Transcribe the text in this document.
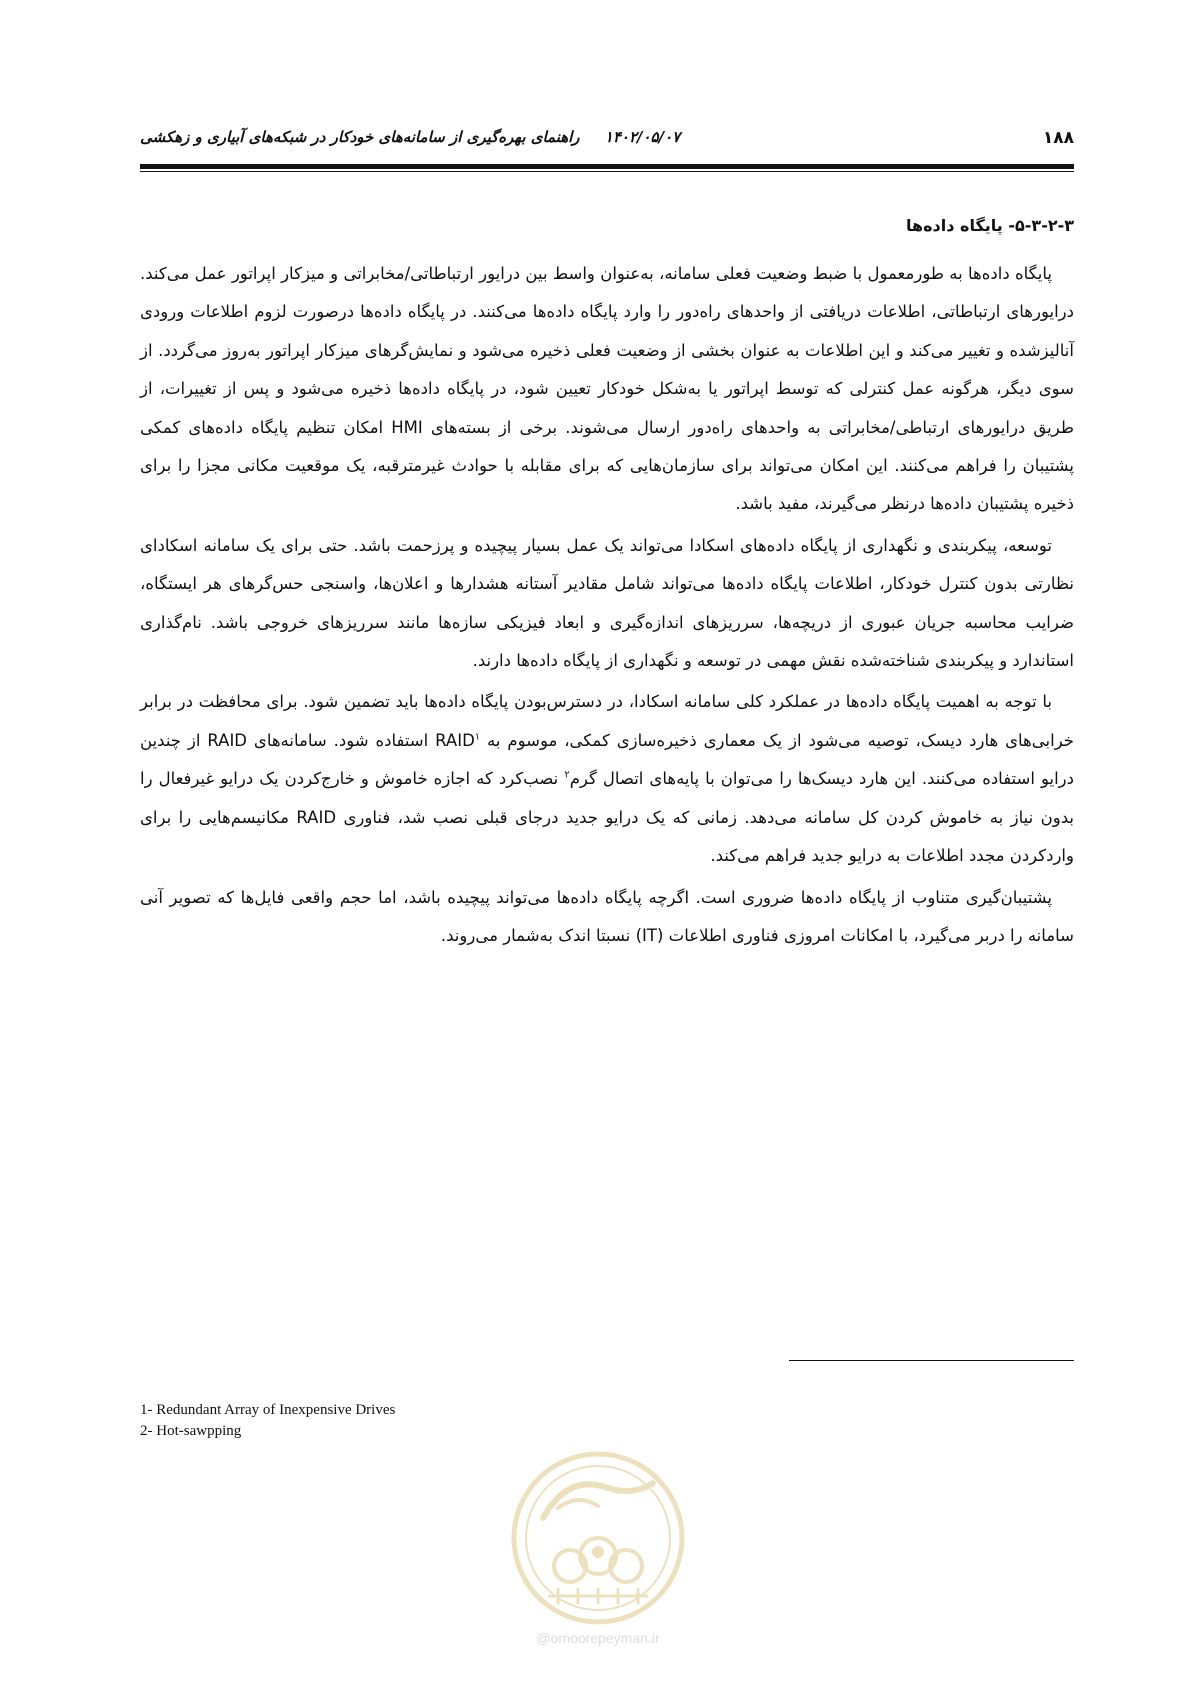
۱۸۸
۱۴۰۲/۰۵/۰۷ راهنمای بهره‌گیری از سامانه‌های خودکار در شبکه‌های آبیاری و زهکشی
۵-۳-۲-۳- پایگاه داده‌ها

پایگاه داده‌ها به طورمعمول با ضبط وضعیت فعلی سامانه، به‌عنوان واسط بین درایور ارتباطاتی/مخابراتی و میزکار اپراتور عمل می‌کند. درایورهای ارتباطاتی، اطلاعات دریافتی از واحدهای راه‌دور را وارد پایگاه داده‌ها می‌کنند. در پایگاه داده‌ها درصورت لزوم اطلاعات ورودی آنالیزشده و تغییر می‌کند و این اطلاعات به عنوان بخشی از وضعیت فعلی ذخیره می‌شود و نمایش‌گرهای میزکار اپراتور به‌روز می‌گردد. از سوی دیگر، هرگونه عمل کنترلی که توسط اپراتور یا به‌شکل خودکار تعیین شود، در پایگاه داده‌ها ذخیره می‌شود و پس از تغییرات، از طریق درایورهای ارتباطی/مخابراتی به واحدهای راه‌دور ارسال می‌شوند. برخی از بسته‌های HMI امکان تنظیم پایگاه داده‌های کمکی پشتیبان را فراهم می‌کنند. این امکان می‌تواند برای سازمان‌هایی که برای مقابله با حوادث غیرمترقبه، یک موقعیت مکانی مجزا را برای ذخیره پشتیبان داده‌ها درنظر می‌گیرند، مفید باشد.

توسعه، پیکربندی و نگهداری از پایگاه داده‌های اسکادا می‌تواند یک عمل بسیار پیچیده و پرزحمت باشد. حتی برای یک سامانه اسکادای نظارتی بدون کنترل خودکار، اطلاعات پایگاه داده‌ها می‌تواند شامل مقادیر آستانه هشدارها و اعلان‌ها، واسنجی حس‌گرهای هر ایستگاه، ضرایب محاسبه جریان عبوری از دریچه‌ها، سرریزهای اندازه‌گیری و ابعاد فیزیکی سازه‌ها مانند سرریزهای خروجی باشد. نام‌گذاری استاندارد و پیکربندی شناخته‌شده نقش مهمی در توسعه و نگهداری از پایگاه داده‌ها دارند.

با توجه به اهمیت پایگاه داده‌ها در عملکرد کلی سامانه اسکادا، در دسترس‌بودن پایگاه داده‌ها باید تضمین شود. برای محافظت در برابر خرابی‌های هارد دیسک، توصیه می‌شود از یک معماری ذخیره‌سازی کمکی، موسوم به RAID$^۱$ استفاده شود. سامانه‌های RAID از چندین درایو استفاده می‌کنند. این هارد دیسک‌ها را می‌توان با پایه‌های اتصال گرم$^۲$ نصب‌کرد که اجازه خاموش و خارج‌کردن یک درایو غیرفعال را بدون نیاز به خاموش کردن کل سامانه می‌دهد. زمانی که یک درایو جدید درجای قبلی نصب شد، فناوری RAID مکانیسم‌هایی را برای واردکردن مجدد اطلاعات به درایو جدید فراهم می‌کند.

پشتیبان‌گیری متناوب از پایگاه داده‌ها ضروری است. اگرچه پایگاه داده‌ها می‌تواند پیچیده باشد، اما حجم واقعی فایل‌ها که تصویر آنی سامانه را دربر می‌گیرد، با امکانات امروزی فناوری اطلاعات (IT) نسبتا اندک به‌شمار می‌روند.

1- Redundant Array of Inexpensive Drives
2- Hot-sawpping
@omoorepeyman.ir
